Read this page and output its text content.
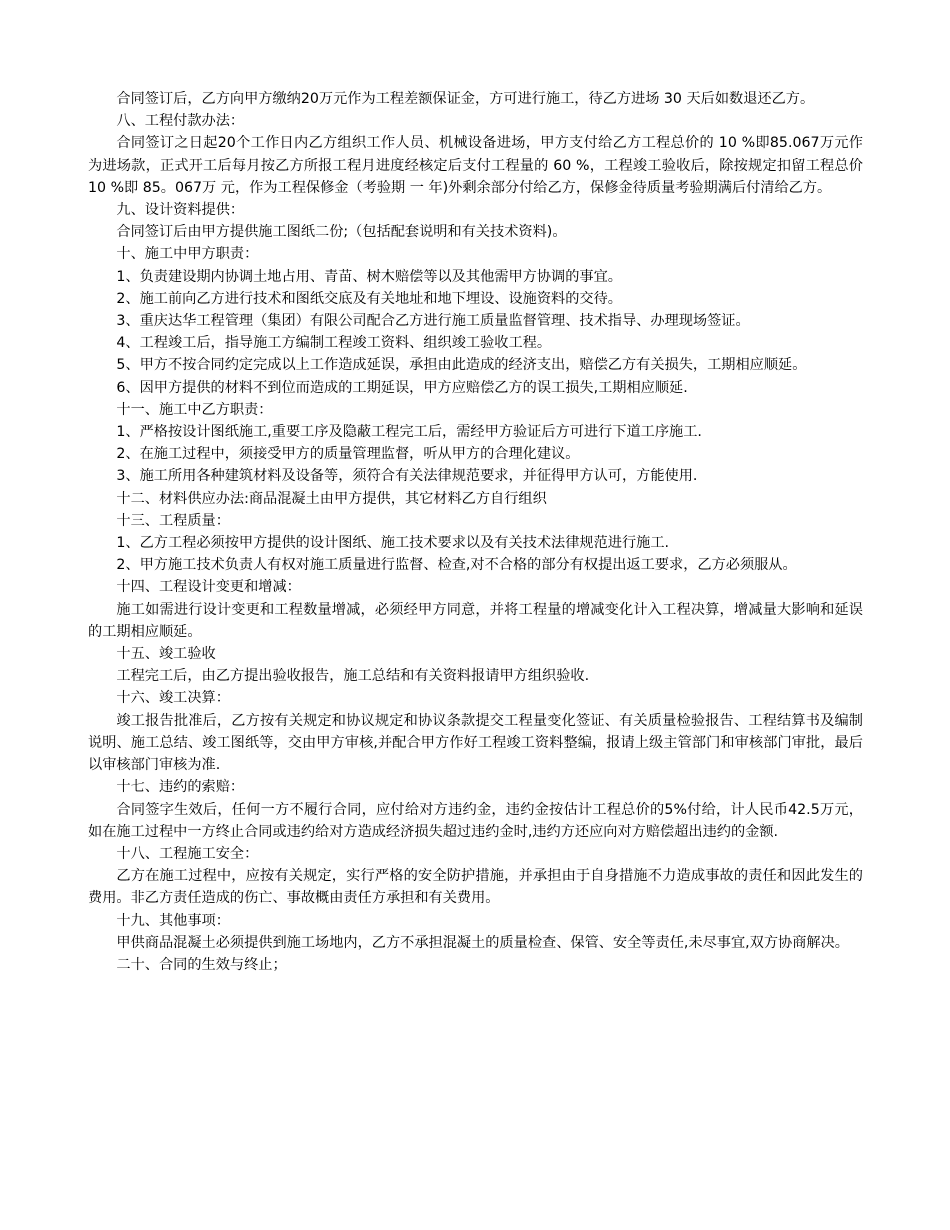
合同签订后，乙方向甲方缴纳20万元作为工程差额保证金，方可进行施工，待乙方进场 30 天后如数退还乙方。

八、工程付款办法：

合同签订之日起20个工作日内乙方组织工作人员、机械设备进场，甲方支付给乙方工程总价的 10 %即85.067万元作为进场款，正式开工后每月按乙方所报工程月进度经核定后支付工程量的 60 %，工程竣工验收后，除按规定扣留工程总价 10 %即 85。067万 元，作为工程保修金（考验期 一 年)外剩余部分付给乙方，保修金待质量考验期满后付清给乙方。

九、设计资料提供：

合同签订后由甲方提供施工图纸二份;（包括配套说明和有关技术资料)。

十、施工中甲方职责：

1、负责建设期内协调土地占用、青苗、树木赔偿等以及其他需甲方协调的事宜。

2、施工前向乙方进行技术和图纸交底及有关地址和地下埋设、设施资料的交待。

3、重庆达华工程管理（集团）有限公司配合乙方进行施工质量监督管理、技术指导、办理现场签证。

4、工程竣工后，指导施工方编制工程竣工资料、组织竣工验收工程。

5、甲方不按合同约定完成以上工作造成延误，承担由此造成的经济支出，赔偿乙方有关损失，工期相应顺延。

6、因甲方提供的材料不到位而造成的工期延误，甲方应赔偿乙方的误工损失,工期相应顺延.

十一、施工中乙方职责：

1、严格按设计图纸施工,重要工序及隐蔽工程完工后，需经甲方验证后方可进行下道工序施工.

2、在施工过程中，须接受甲方的质量管理监督，听从甲方的合理化建议。

3、施工所用各种建筑材料及设备等，须符合有关法律规范要求，并征得甲方认可，方能使用.

十二、材料供应办法:商品混凝土由甲方提供，其它材料乙方自行组织

十三、工程质量：

1、乙方工程必须按甲方提供的设计图纸、施工技术要求以及有关技术法律规范进行施工.

2、甲方施工技术负责人有权对施工质量进行监督、检查,对不合格的部分有权提出返工要求，乙方必须服从。

十四、工程设计变更和增减：

施工如需进行设计变更和工程数量增减，必须经甲方同意，并将工程量的增减变化计入工程决算，增减量大影响和延误的工期相应顺延。

十五、竣工验收

工程完工后，由乙方提出验收报告，施工总结和有关资料报请甲方组织验收.

十六、竣工决算：

竣工报告批准后，乙方按有关规定和协议规定和协议条款提交工程量变化签证、有关质量检验报告、工程结算书及编制说明、施工总结、竣工图纸等，交由甲方审核,并配合甲方作好工程竣工资料整编，报请上级主管部门和审核部门审批，最后以审核部门审核为准.

十七、违约的索赔：

合同签字生效后，任何一方不履行合同，应付给对方违约金，违约金按估计工程总价的5%付给，计人民币42.5万元，如在施工过程中一方终止合同或违约给对方造成经济损失超过违约金时,违约方还应向对方赔偿超出违约的金额.

十八、工程施工安全：

乙方在施工过程中，应按有关规定，实行严格的安全防护措施，并承担由于自身措施不力造成事故的责任和因此发生的费用。非乙方责任造成的伤亡、事故概由责任方承担和有关费用。

十九、其他事项：

甲供商品混凝土必须提供到施工场地内，乙方不承担混凝土的质量检查、保管、安全等责任,未尽事宜,双方协商解决。

二十、合同的生效与终止；
